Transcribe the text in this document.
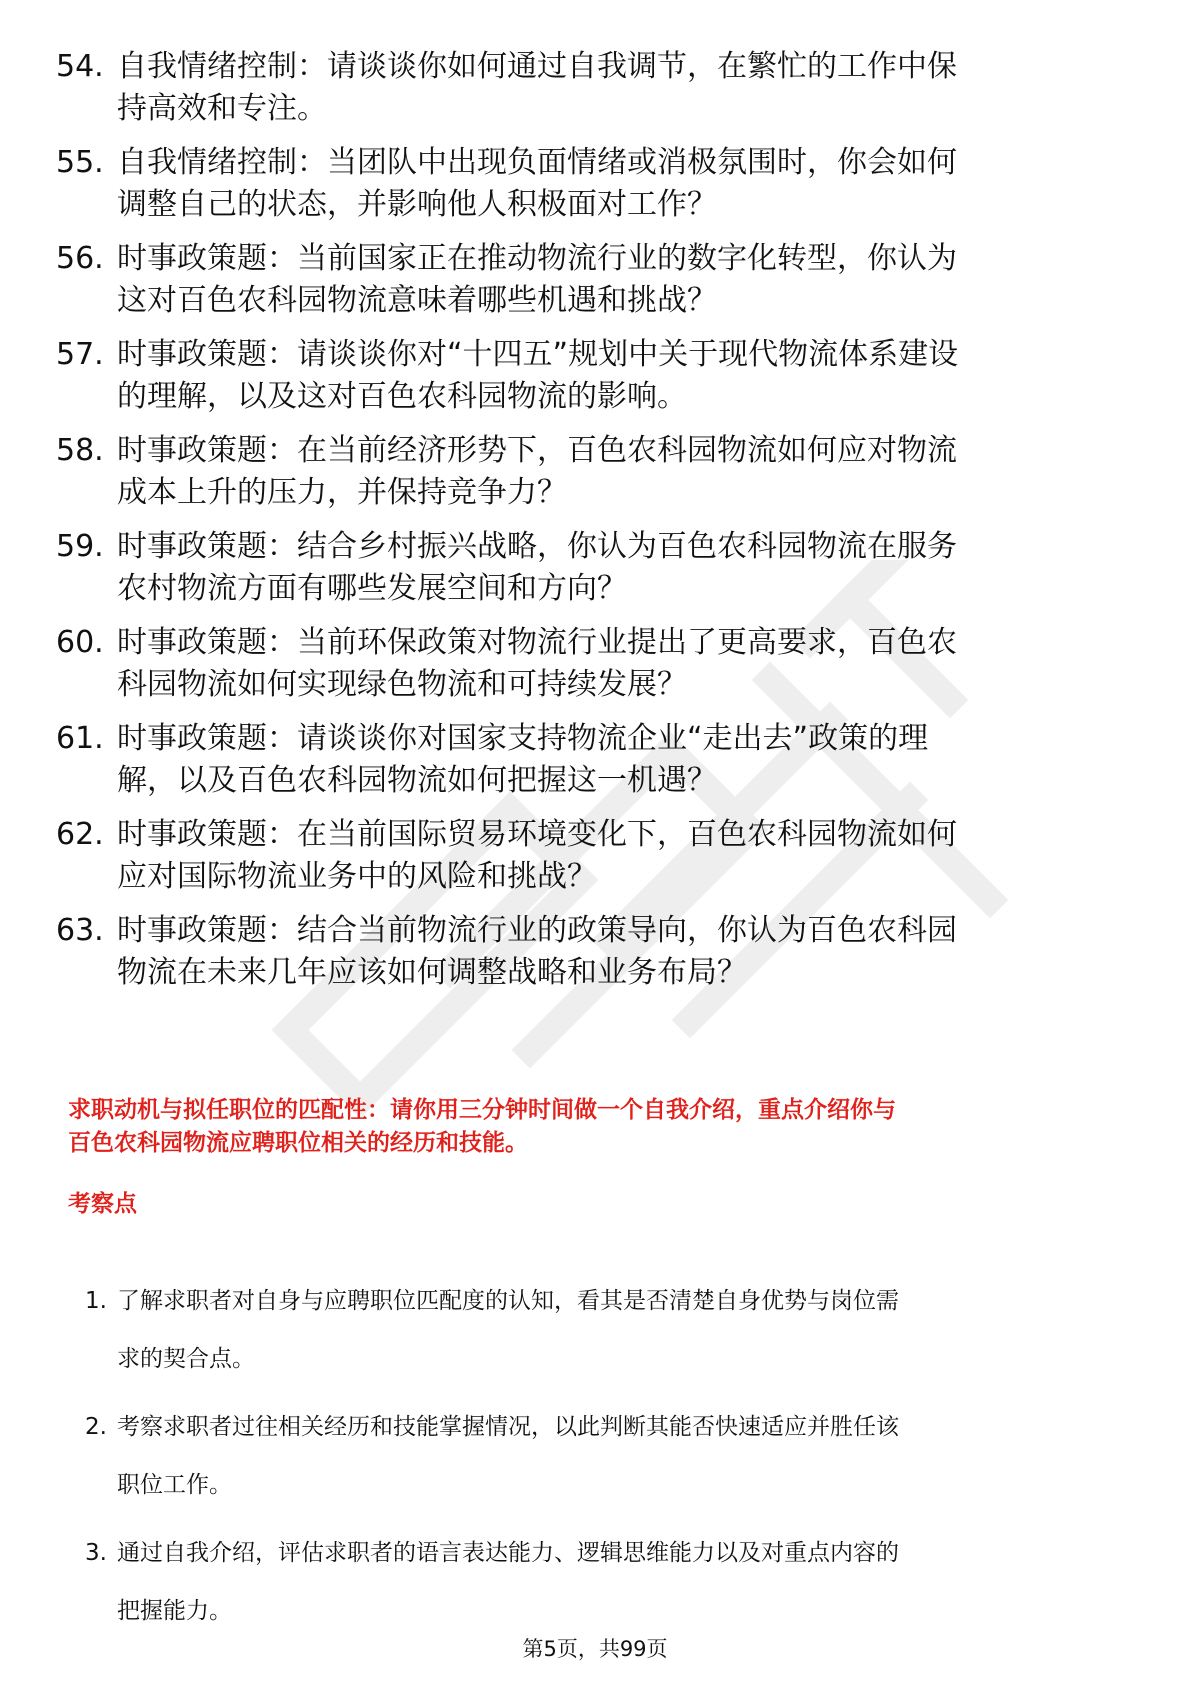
54. 自我情绪控制：请谈谈你如何通过自我调节，在繁忙的工作中保
持高效和专注。
55. 自我情绪控制：当团队中出现负面情绪或消极氛围时，你会如何
调整自己的状态，并影响他人积极面对工作？
56. 时事政策题：当前国家正在推动物流行业的数字化转型，你认为
这对百色农科园物流意味着哪些机遇和挑战？
57. 时事政策题：请谈谈你对“十四五”规划中关于现代物流体系建设
的理解，以及这对百色农科园物流的影响。
58. 时事政策题：在当前经济形势下，百色农科园物流如何应对物流
成本上升的压力，并保持竞争力？
59. 时事政策题：结合乡村振兴战略，你认为百色农科园物流在服务
农村物流方面有哪些发展空间和方向？
60. 时事政策题：当前环保政策对物流行业提出了更高要求，百色农
科园物流如何实现绿色物流和可持续发展？
61. 时事政策题：请谈谈你对国家支持物流企业“走出去”政策的理
解，以及百色农科园物流如何把握这一机遇？
62. 时事政策题：在当前国际贸易环境变化下，百色农科园物流如何
应对国际物流业务中的风险和挑战？
63. 时事政策题：结合当前物流行业的政策导向，你认为百色农科园
物流在未来几年应该如何调整战略和业务布局？
求职动机与拟任职位的匹配性：请你用三分钟时间做一个自我介绍，重点介绍你与
百色农科园物流应聘职位相关的经历和技能。
考察点
1. 了解求职者对自身与应聘职位匹配度的认知，看其是否清楚自身优势与岗位需
求的契合点。
2. 考察求职者过往相关经历和技能掌握情况，以此判断其能否快速适应并胜任该
职位工作。
3. 通过自我介绍，评估求职者的语言表达能力、逻辑思维能力以及对重点内容的
把握能力。
第5页，共99页
